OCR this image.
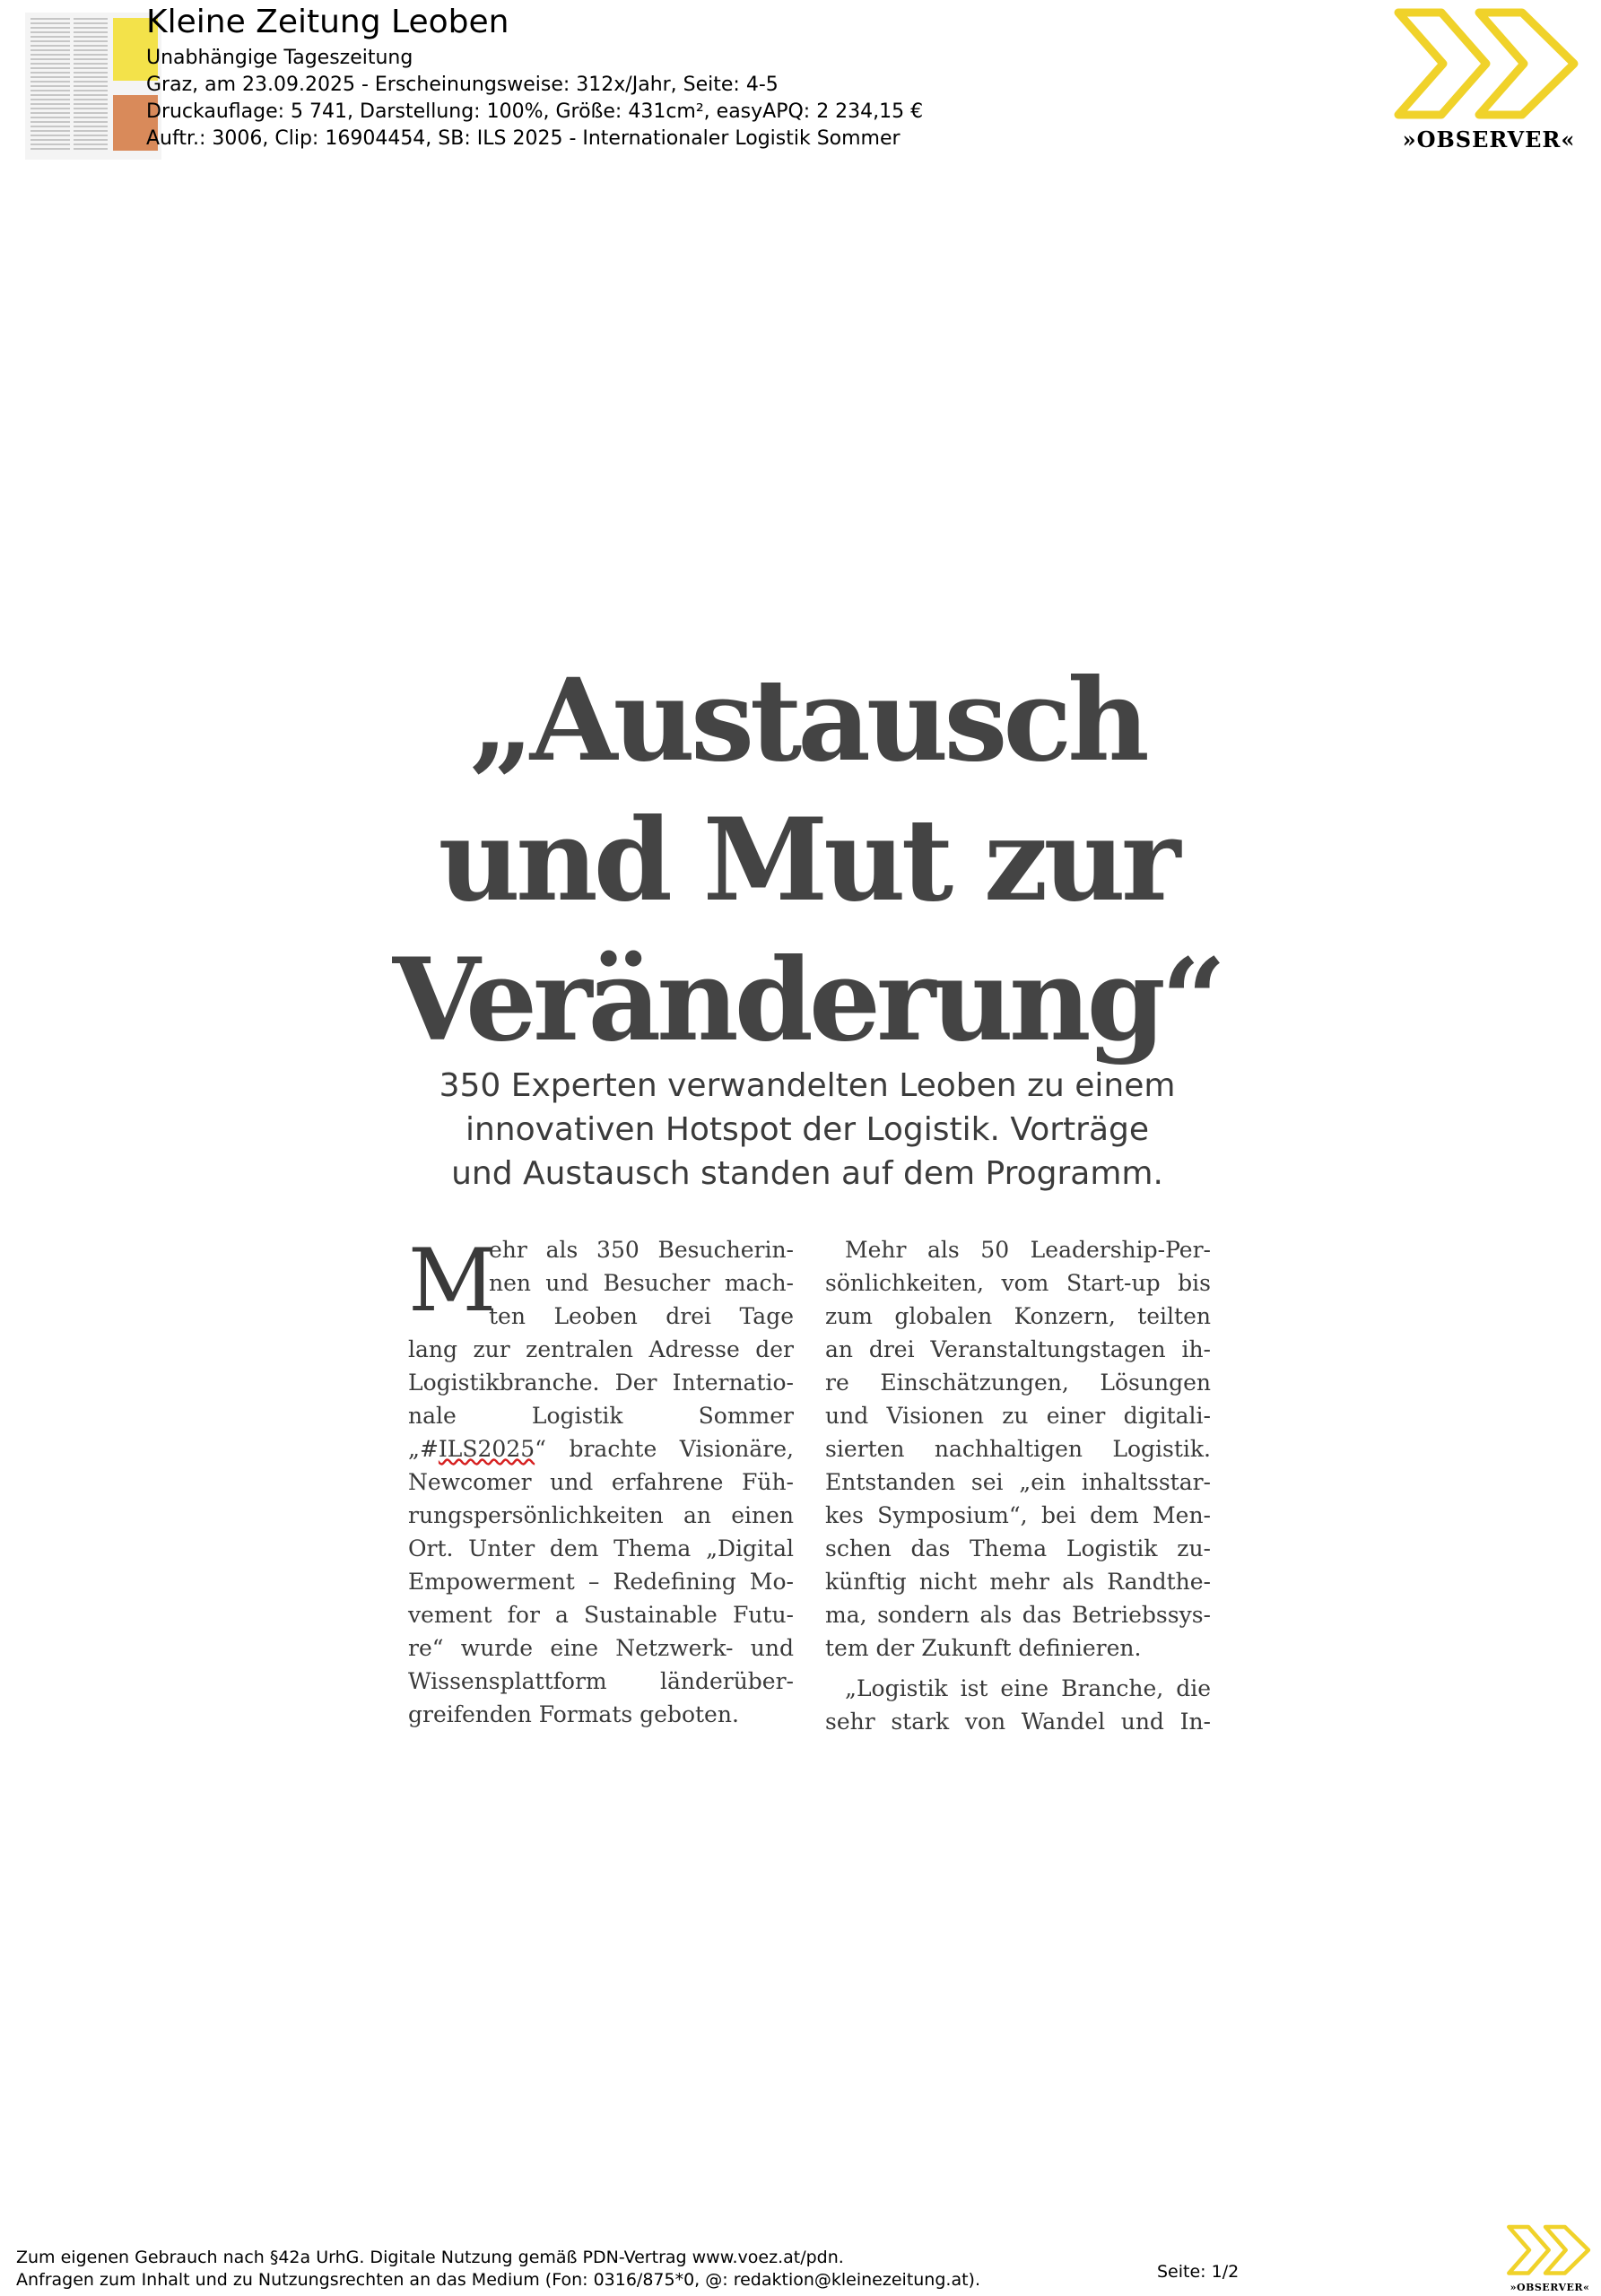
Kleine Zeitung Leoben

Unabhängige Tageszeitung

Graz, am 23.09.2025 - Erscheinungsweise: 312x/Jahr, Seite: 4-5

Druckauflage: 5 741, Darstellung: 100%, Größe: 431cm², easyAPQ: 2 234,15 €

Auftr.: 3006, Clip: 16904454, SB: ILS 2025 - Internationaler Logistik Sommer	»OBSERVER«
„Austausch
und Mut zur
Veränderung“
350 Experten verwandelten Leoben zu einem
innovativen Hotspot der Logistik. Vorträge
und Austausch standen auf dem Programm.
M
ehr als 350 Besucherin-
nen und Besucher mach-
ten Leoben drei Tage
lang zur zentralen Adresse der
Logistikbranche. Der Internatio-
nale Logistik Sommer
„#ILS2025“ brachte Visionäre,
Newcomer und erfahrene Füh-
rungspersönlichkeiten an einen
Ort. Unter dem Thema „Digital
Empowerment – Redefining Mo-
vement for a Sustainable Futu-
re“ wurde eine Netzwerk- und
Wissensplattform länderüber-
greifenden Formats geboten.
Mehr als 50 Leadership-Per-
sönlichkeiten, vom Start-up bis
zum globalen Konzern, teilten
an drei Veranstaltungstagen ih-
re Einschätzungen, Lösungen
und Visionen zu einer digitali-
sierten nachhaltigen Logistik.
Entstanden sei „ein inhaltsstar-
kes Symposium“, bei dem Men-
schen das Thema Logistik zu-
künftig nicht mehr als Randthe-
ma, sondern als das Betriebssys-
tem der Zukunft definieren.
„Logistik ist eine Branche, die
sehr stark von Wandel und In-
Zum eigenen Gebrauch nach §42a UrhG. Digitale Nutzung gemäß PDN-Vertrag www.voez.at/pdn.
Anfragen zum Inhalt und zu Nutzungsrechten an das Medium (Fon: 0316/875*0, @: redaktion@kleinezeitung.at).	Seite: 1/2
»OBSERVER«
